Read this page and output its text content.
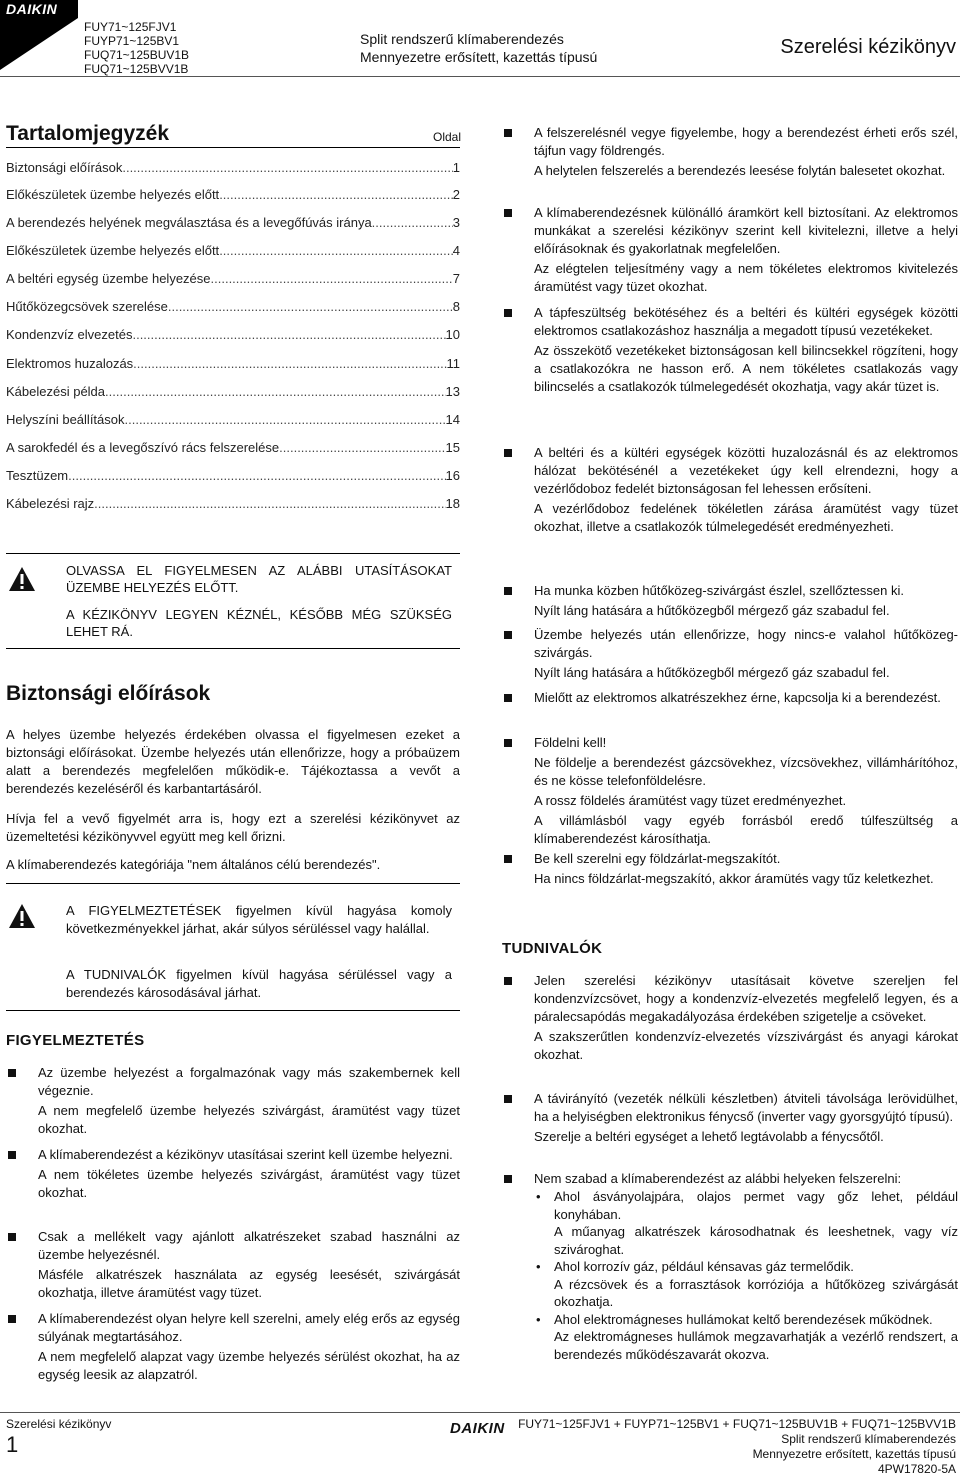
DAIKIN
FUY71~125FJV1
FUYP71~125BV1
FUQ71~125BUV1B
FUQ71~125BVV1B
Split rendszerű klímaberendezés
Mennyezetre erősített, kazettás típusú	Szerelési kézikönyv
Tartalomjegyzék	Oldal
Biztonsági előírások .....	1
Előkészületek üzembe helyezés előtt .....	2
A berendezés helyének megválasztása és a levegőfúvás iránya .....	3
Előkészületek üzembe helyezés előtt .....	4
A beltéri egység üzembe helyezése .....	7
Hűtőközegcsövek szerelése .....	8
Kondenzvíz elvezetés .....	10
Elektromos huzalozás .....	11
Kábelezési példa .....	13
Helyszíni beállítások .....	14
A sarokfedél és a levegőszívó rács felszerelése .....	15
Tesztüzem .....	16
Kábelezési rajz .....	18
OLVASSA EL FIGYELMESEN AZ ALÁBBI UTASÍTÁSOKAT ÜZEMBE HELYEZÉS ELŐTT.
A KÉZIKÖNYV LEGYEN KÉZNÉL, KÉSŐBB MÉG SZÜKSÉG LEHET RÁ.
Biztonsági előírások
A helyes üzembe helyezés érdekében olvassa el figyelmesen ezeket a biztonsági előírásokat. Üzembe helyezés után ellenőrizze, hogy a próbaüzem alatt a berendezés megfelelően működik-e. Tájékoztassa a vevőt a berendezés kezeléséről és karbantartásáról.
Hívja fel a vevő figyelmét arra is, hogy ezt a szerelési kézikönyvet az üzemeltetési kézikönyvvel együtt meg kell őrizni.
A klímaberendezés kategóriája "nem általános célú berendezés".
A FIGYELMEZTETÉSEK figyelmen kívül hagyása komoly következményekkel járhat, akár súlyos sérüléssel vagy halállal.
A TUDNIVALÓK figyelmen kívül hagyása sérüléssel vagy a berendezés károsodásával járhat.
FIGYELMEZTETÉS

Az üzembe helyezést a forgalmazónak vagy más szakembernek kell végeznie.

A nem megfelelő üzembe helyezés szivárgást, áramütést vagy tüzet okozhat.

A klímaberendezést a kézikönyv utasításai szerint kell üzembe helyezni.

A nem tökéletes üzembe helyezés szivárgást, áramütést vagy tüzet okozhat.

Csak a mellékelt vagy ajánlott alkatrészeket szabad használni az üzembe helyezésnél.

Másféle alkatrészek használata az egység leesését, szivárgását okozhatja, illetve áramütést vagy tüzet.

A klímaberendezést olyan helyre kell szerelni, amely elég erős az egység súlyának megtartásához.

A nem megfelelő alapzat vagy üzembe helyezés sérülést okozhat, ha az egység leesik az alapzatról.

A felszerelésnél vegye figyelembe, hogy a berendezést érheti erős szél, tájfun vagy földrengés.

A helytelen felszerelés a berendezés leesése folytán balesetet okozhat.

A klímaberendezésnek különálló áramkört kell biztosítani. Az elektromos munkákat a szerelési kézikönyv szerint kell kivitelezni, illetve a helyi előírásoknak és gyakorlatnak megfelelően.

Az elégtelen teljesítmény vagy a nem tökéletes elektromos kivitelezés áramütést vagy tüzet okozhat.

A tápfeszültség bekötéséhez és a beltéri és kültéri egységek közötti elektromos csatlakozáshoz használja a megadott típusú vezetékeket.

Az összekötő vezetékeket biztonságosan kell bilincsekkel rögzíteni, hogy a csatlakozókra ne hasson erő. A nem tökéletes csatlakozás vagy bilincselés a csatlakozók túlmelegedését okozhatja, vagy akár tüzet is.

A beltéri és a kültéri egységek közötti huzalozásnál és az elektromos hálózat bekötésénél a vezetékeket úgy kell elrendezni, hogy a vezérlődoboz fedelét biztonságosan fel lehessen erősíteni.

A vezérlődoboz fedelének tökéletlen zárása áramütést vagy tüzet okozhat, illetve a csatlakozók túlmelegedését eredményezheti.

Ha munka közben hűtőközeg-szivárgást észlel, szellőztessen ki.

Nyílt láng hatására a hűtőközegből mérgező gáz szabadul fel.

Üzembe helyezés után ellenőrizze, hogy nincs-e valahol hűtőközeg-szivárgás.

Nyílt láng hatására a hűtőközegből mérgező gáz szabadul fel.

Mielőtt az elektromos alkatrészekhez érne, kapcsolja ki a berendezést.

Földelni kell!

Ne földelje a berendezést gázcsövekhez, vízcsövekhez, villámhárítóhoz, és ne kösse telefonföldelésre.

A rossz földelés áramütést vagy tüzet eredményezhet.

A villámlásból vagy egyéb forrásból eredő túlfeszültség a klímaberendezést károsíthatja.

Be kell szerelni egy földzárlat-megszakítót.

Ha nincs földzárlat-megszakító, akkor áramütés vagy tűz keletkezhet.

TUDNIVALÓK

Jelen szerelési kézikönyv utasításait követve szereljen fel kondenzvízcsövet, hogy a kondenzvíz-elvezetés megfelelő legyen, és a páralecsapódás megakadályozása érdekében szigetelje a csöveket.

A szakszerűtlen kondenzvíz-elvezetés vízszivárgást és anyagi károkat okozhat.

A távirányító (vezeték nélküli készletben) átviteli távolsága lerövidülhet, ha a helyiségben elektronikus fénycső (inverter vagy gyorsgyújtó típusú).

Szerelje a beltéri egységet a lehető legtávolabb a fénycsőtől.

Nem szabad a klímaberendezést az alábbi helyeken felszerelni:

• Ahol ásványolajpára, olajos permet vagy gőz lehet, például konyhában.
A műanyag alkatrészek károsodhatnak és leeshetnek, vagy víz szivároghat.
• Ahol korrozív gáz, például kénsavas gáz termelődik.
A rézcsövek és a forrasztások korróziója a hűtőközeg szivárgását okozhatja.
• Ahol elektromágneses hullámokat keltő berendezések működnek.
Az elektromágneses hullámok megzavarhatják a vezérlő rendszert, a berendezés működészavarát okozva.
Szerelési kézikönyv
1
DAIKIN FUY71~125FJV1 + FUYP71~125BV1 + FUQ71~125BUV1B + FUQ71~125BVV1B
Split rendszerű klímaberendezés
Mennyezetre erősített, kazettás típusú
4PW17820-5A
